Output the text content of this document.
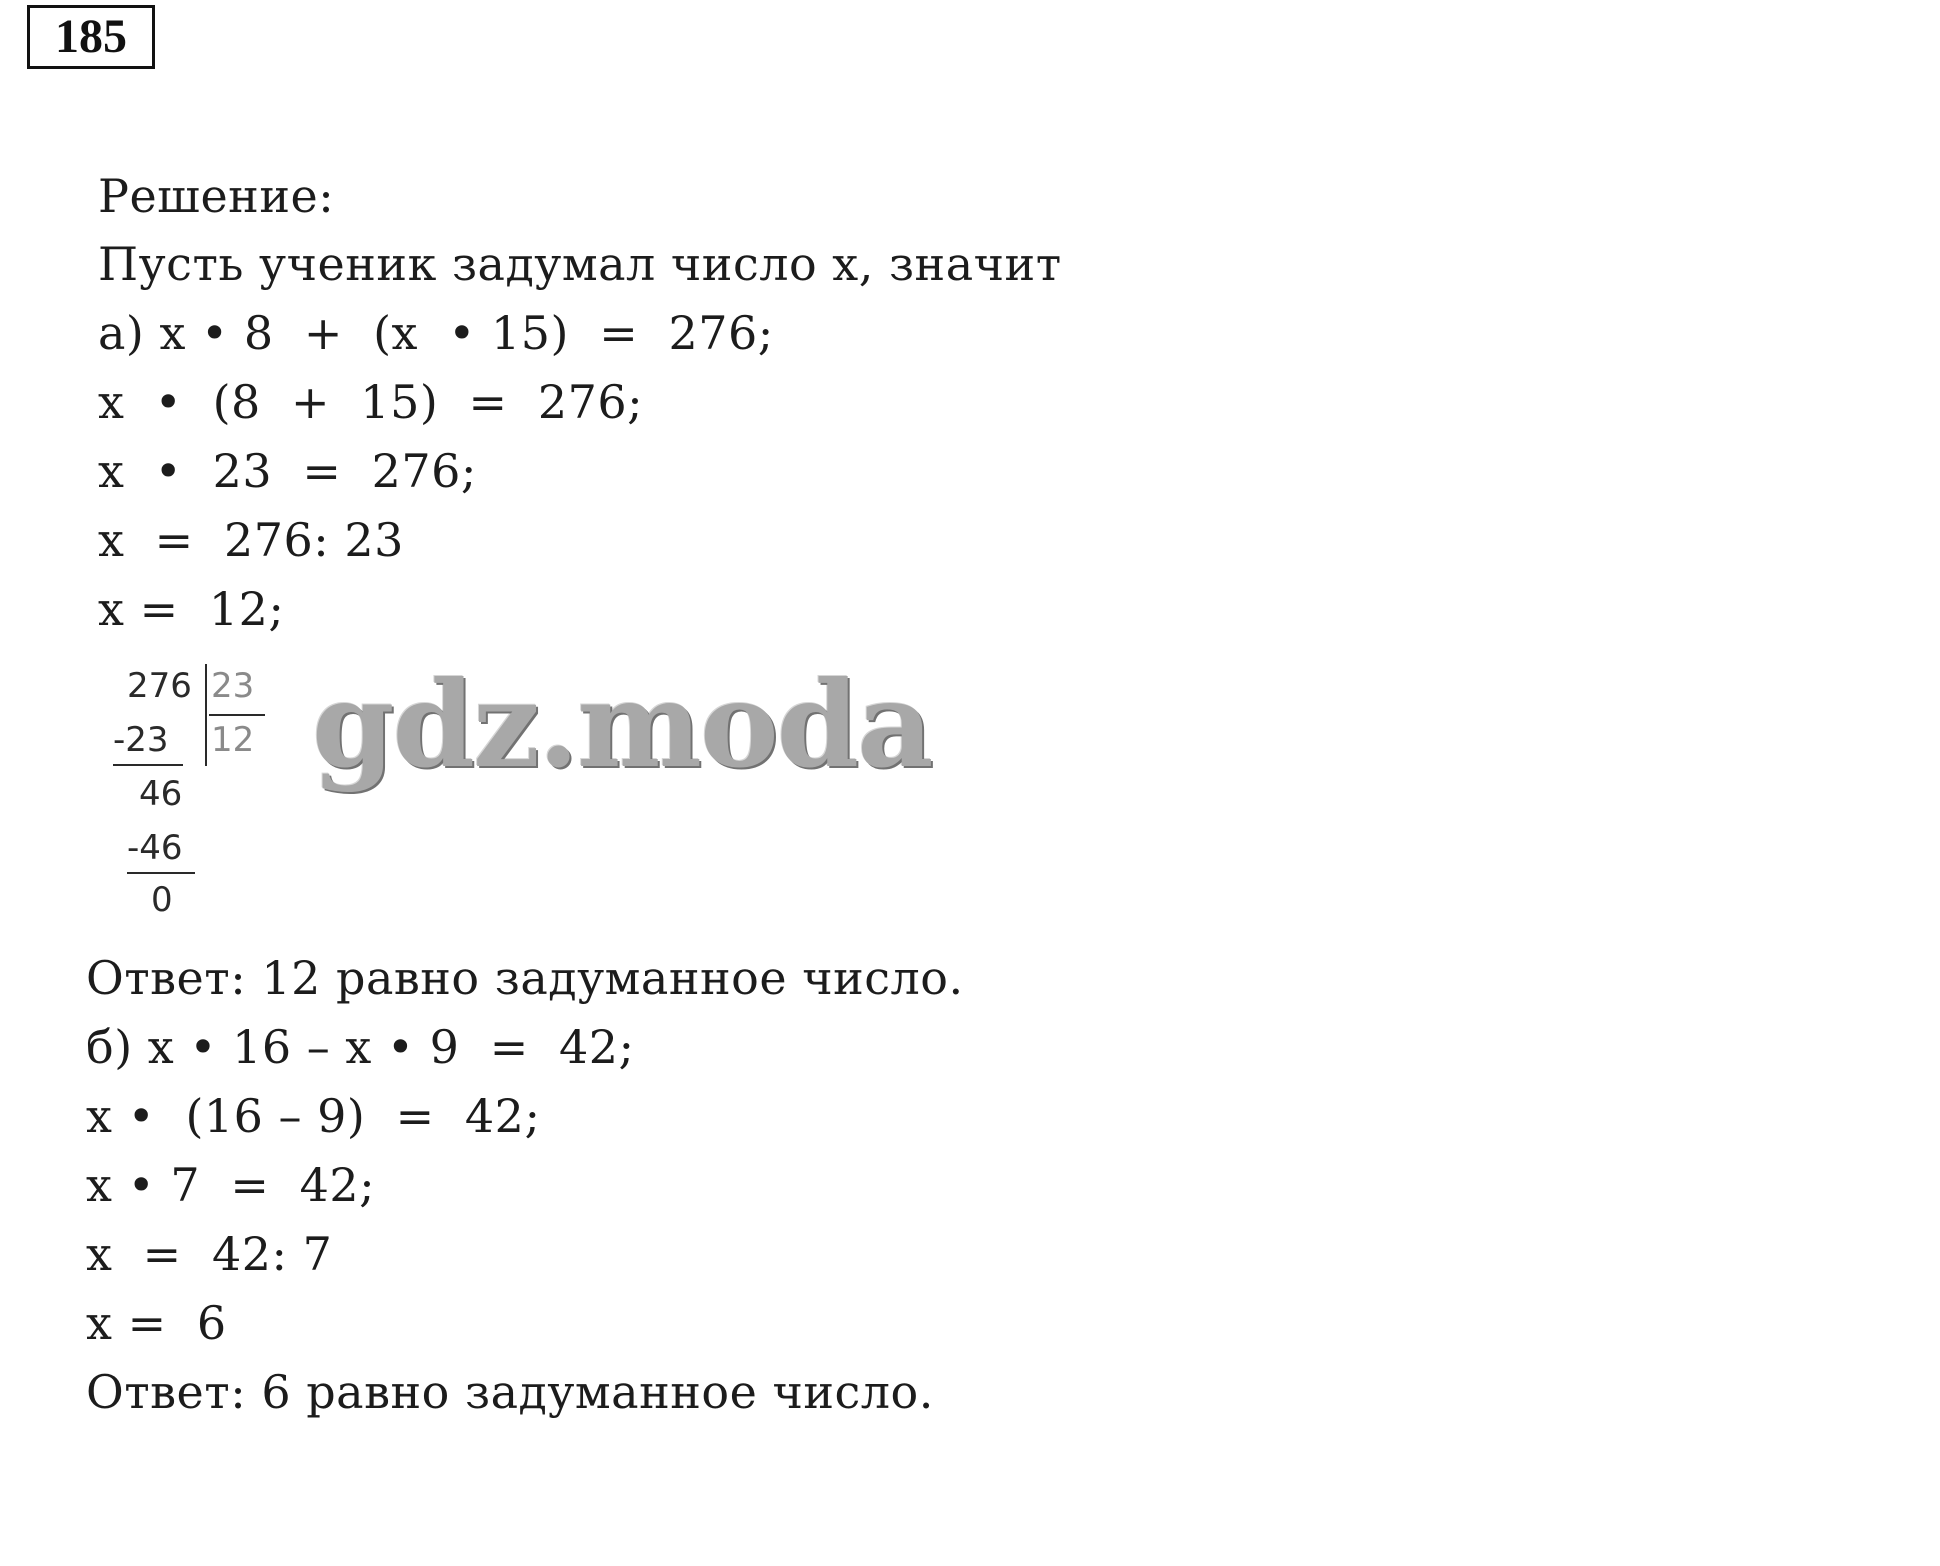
185
Решение:
Пусть ученик задумал число х, значит
а) х • 8  +  (х  • 15)  =  276;
х  •  (8  +  15)  =  276;
х  •  23  =  276;
х  =  276: 23
х =  12;
276 23
12
-23
46
-46
0
gdz.moda
Ответ: 12 равно задуманное число.
б) х • 16 – х • 9  =  42;
х •  (16 – 9)  =  42;
х • 7  =  42;
х  =  42: 7
х =  6
Ответ: 6 равно задуманное число.
